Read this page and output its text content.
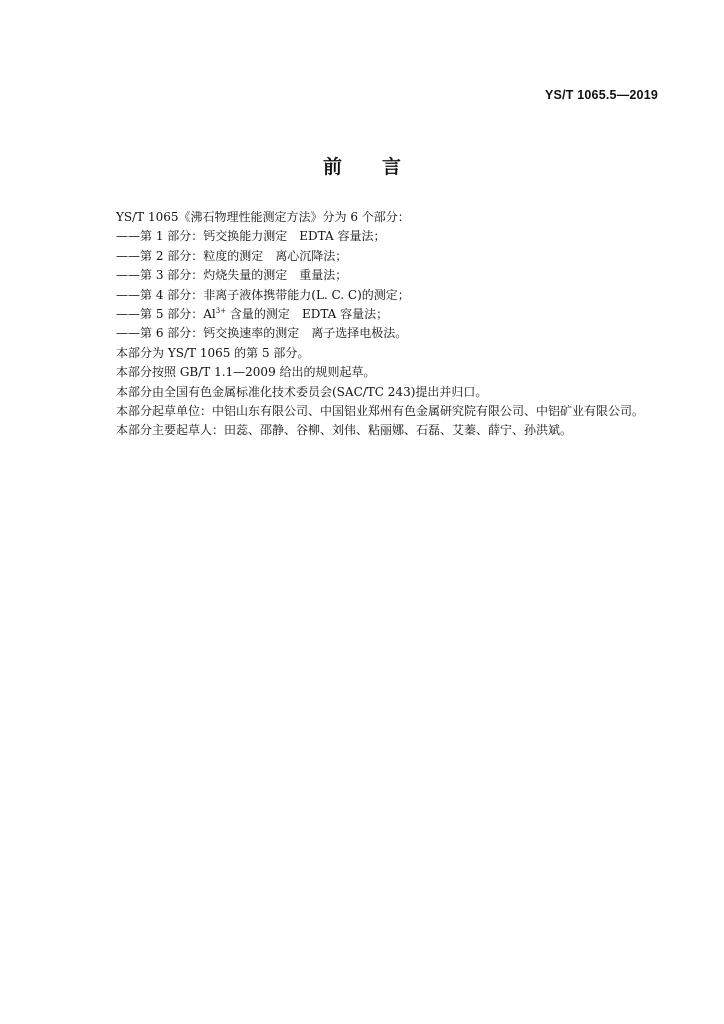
YS/T 1065.5—2019
前言
YS/T 1065《沸石物理性能测定方法》分为 6 个部分：
——第 1 部分：钙交换能力测定 EDTA 容量法；
——第 2 部分：粒度的测定 离心沉降法；
——第 3 部分：灼烧失量的测定 重量法；
——第 4 部分：非离子液体携带能力(L. C. C)的测定；
——第 5 部分：$Al^{3+}$ 含量的测定 EDTA 容量法；
——第 6 部分：钙交换速率的测定 离子选择电极法。
本部分为 YS/T 1065 的第 5 部分。
本部分按照 GB/T 1.1—2009 给出的规则起草。
本部分由全国有色金属标准化技术委员会(SAC/TC 243)提出并归口。
本部分起草单位：中铝山东有限公司、中国铝业郑州有色金属研究院有限公司、中铝矿业有限公司。
本部分主要起草人：田蕊、邵静、谷柳、刘伟、粘丽娜、石磊、艾蓁、薛宁、孙洪斌。
